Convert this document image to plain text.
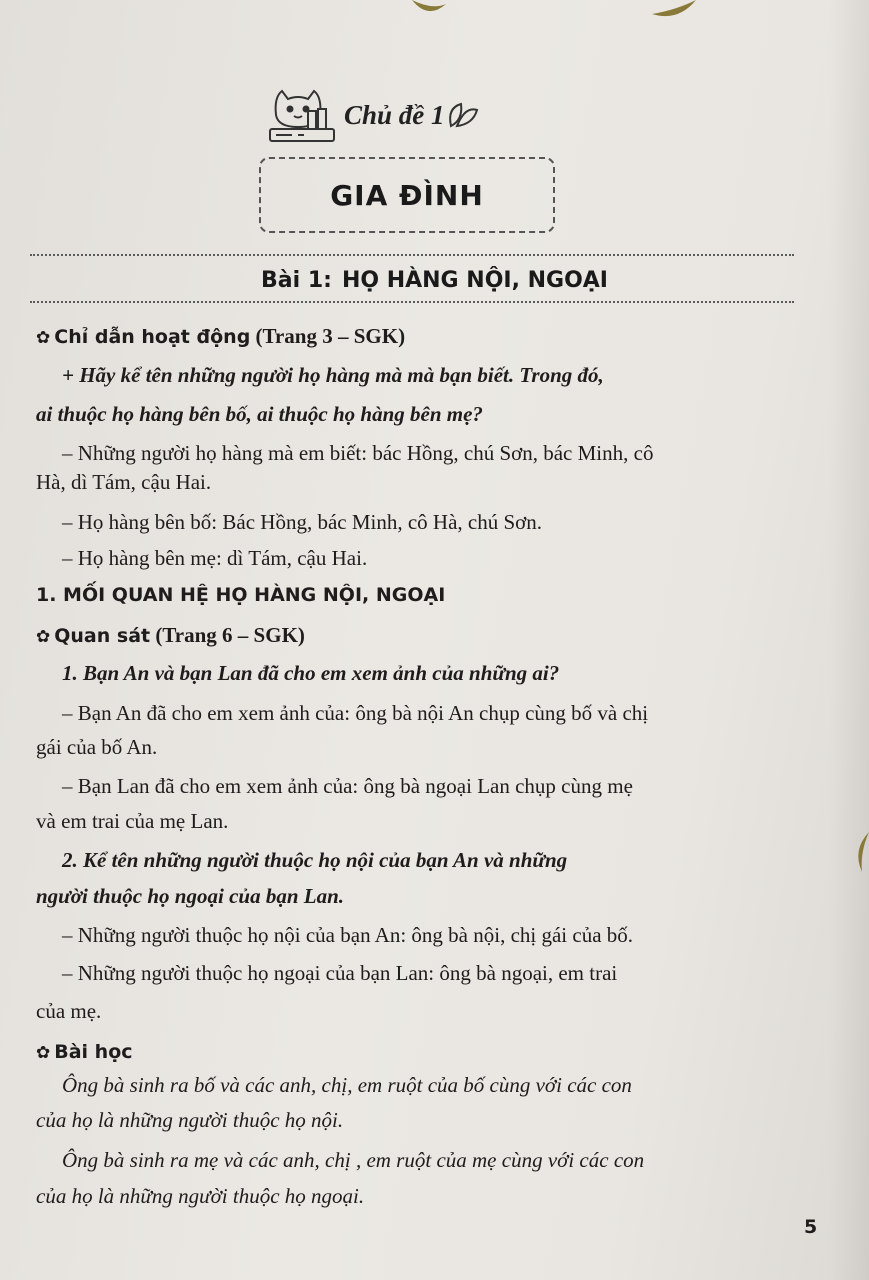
Chủ đề 1
GIA ĐÌNH
Bài 1: HỌ HÀNG NỘI, NGOẠI
✿ Chỉ dẫn hoạt động (Trang 3 – SGK)
+ Hãy kể tên những người họ hàng mà mà bạn biết. Trong đó,
ai thuộc họ hàng bên bố, ai thuộc họ hàng bên mẹ?
– Những người họ hàng mà em biết: bác Hồng, chú Sơn, bác Minh, cô
Hà, dì Tám, cậu Hai.
– Họ hàng bên bố: Bác Hồng, bác Minh, cô Hà, chú Sơn.
– Họ hàng bên mẹ: dì Tám, cậu Hai.
1. MỐI QUAN HỆ HỌ HÀNG NỘI, NGOẠI
✿ Quan sát (Trang 6 – SGK)
1. Bạn An và bạn Lan đã cho em xem ảnh của những ai?
– Bạn An đã cho em xem ảnh của: ông bà nội An chụp cùng bố và chị
gái của bố An.
– Bạn Lan đã cho em xem ảnh của: ông bà ngoại Lan chụp cùng mẹ
và em trai của mẹ Lan.
2. Kể tên những người thuộc họ nội của bạn An và những
người thuộc họ ngoại của bạn Lan.
– Những người thuộc họ nội của bạn An: ông bà nội, chị gái của bố.
– Những người thuộc họ ngoại của bạn Lan: ông bà ngoại, em trai
của mẹ.
✿ Bài học
Ông bà sinh ra bố và các anh, chị, em ruột của bố cùng với các con
của họ là những người thuộc họ nội.
Ông bà sinh ra mẹ và các anh, chị , em ruột của mẹ cùng với các con
của họ là những người thuộc họ ngoại.
5
